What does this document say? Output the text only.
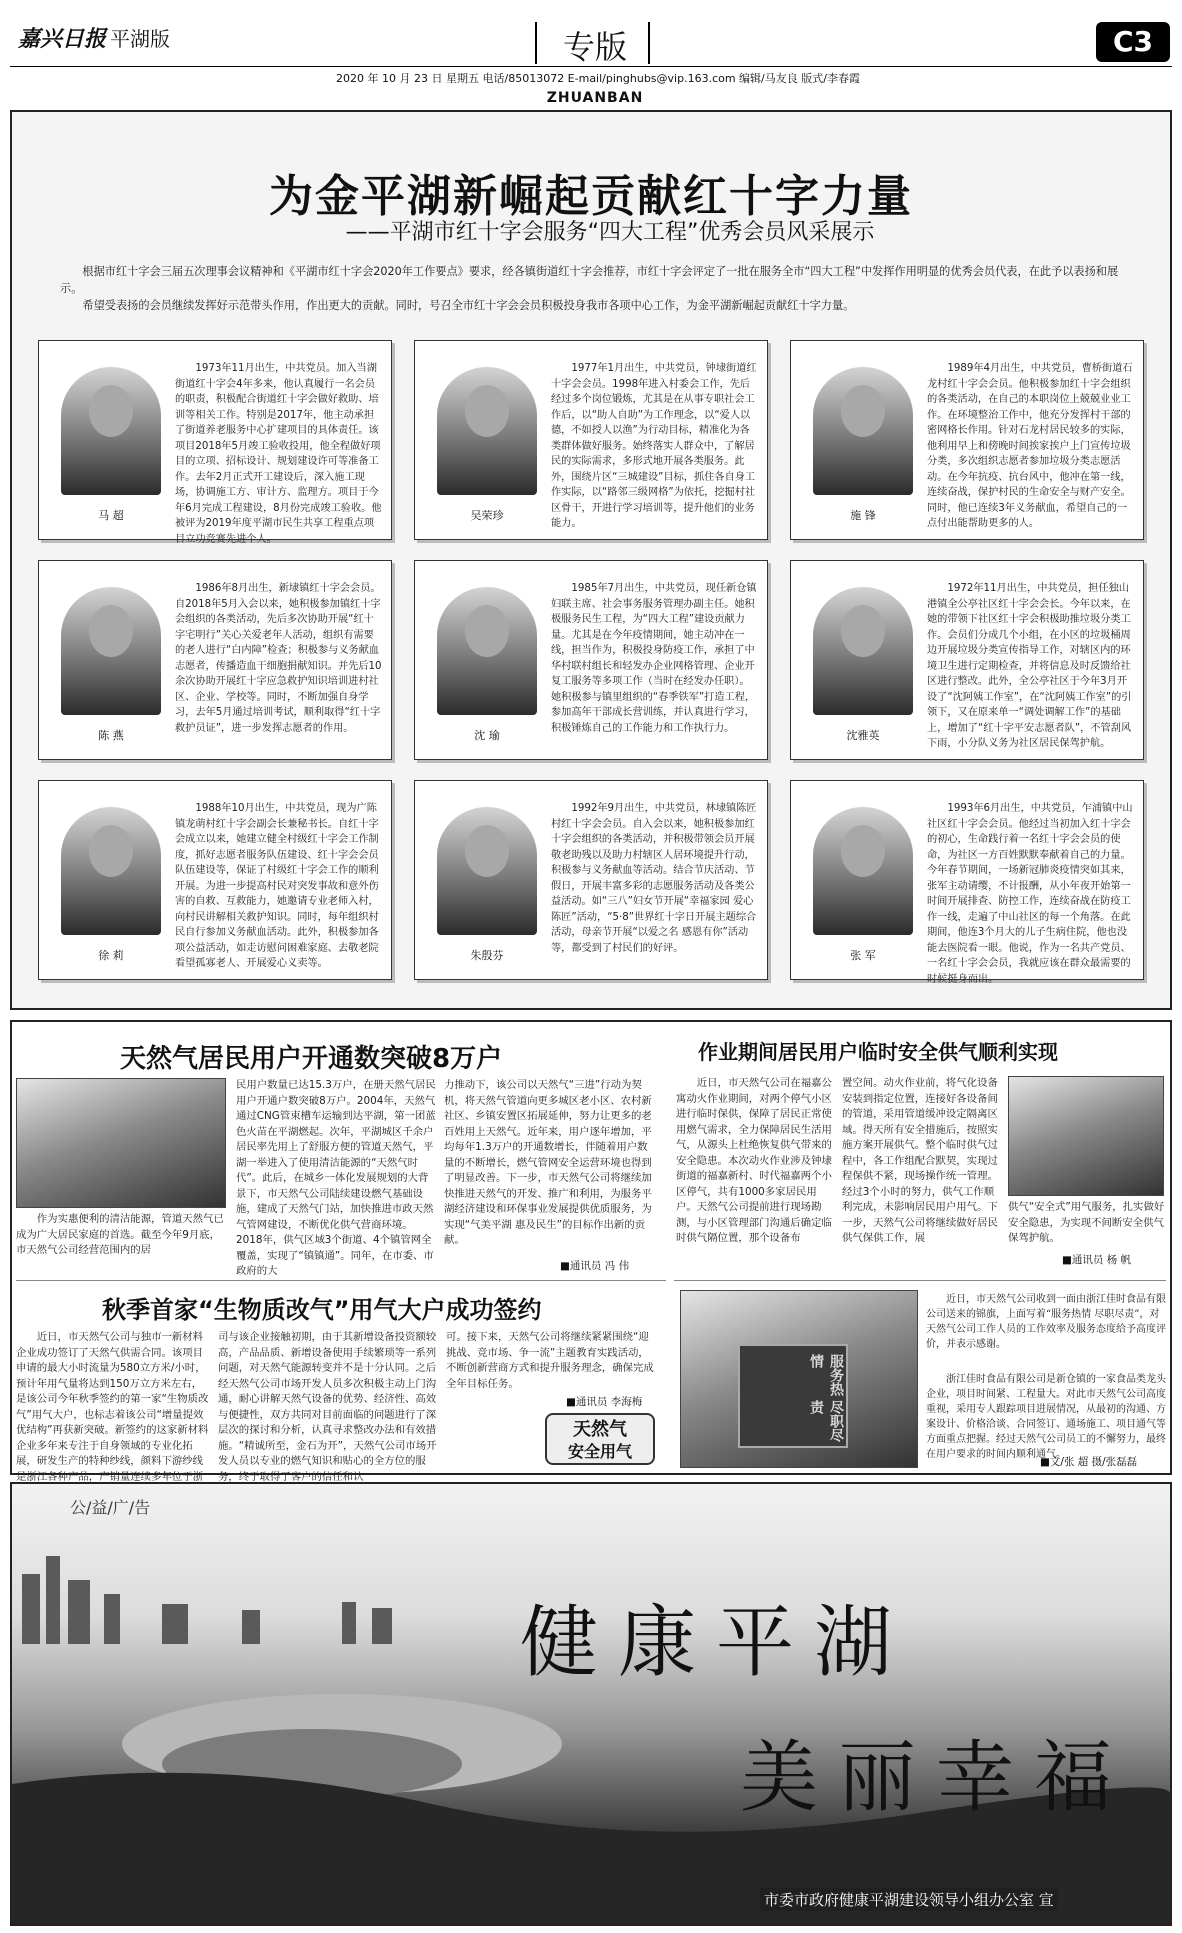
嘉兴日报 平湖版	专版	C3
2020 年 10 月 23 日 星期五 电话/85013072 E-mail/pinghubs@vip.163.com 编辑/马友良 版式/李春霞
ZHUANBAN
为金平湖新崛起贡献红十字力量
——平湖市红十字会服务“四大工程”优秀会员风采展示

根据市红十字会三届五次理事会议精神和《平湖市红十字会2020年工作要点》要求，经各镇街道红十字会推荐，市红十字会评定了一批在服务全市“四大工程”中发挥作用明显的优秀会员代表，在此予以表扬和展示。

希望受表扬的会员继续发挥好示范带头作用，作出更大的贡献。同时，号召全市红十字会会员积极投身我市各项中心工作，为金平湖新崛起贡献红十字力量。

马 超
1973年11月出生，中共党员。加入当湖街道红十字会4年多来，他认真履行一名会员的职责，积极配合街道红十字会做好救助、培训等相关工作。特别是2017年，他主动承担了街道养老服务中心扩建项目的具体责任。该项目2018年5月竣工验收投用，他全程做好项目的立项、招标设计、规划建设许可等准备工作。去年2月正式开工建设后，深入施工现场，协调施工方、审计方、监理方。项目于今年6月完成工程建设，8月份完成竣工验收。他被评为2019年度平湖市民生共享工程重点项目立功竞赛先进个人。
吴荣珍
1977年1月出生，中共党员，钟埭街道红十字会会员。1998年进入村委会工作，先后经过多个岗位锻炼，尤其是在从事专职社会工作后，以“助人自助”为工作理念，以“爱人以德，不如授人以渔”为行动目标，精准化为各类群体做好服务。始终落实人群众中，了解居民的实际需求，多形式地开展各类服务。此外，围绕片区“三城建设”目标，抓住各自身工作实际，以“路邻三级网格”为依托，挖掘村社区骨干，开进行学习培训等，提升他们的业务能力。
施 锋
1989年4月出生，中共党员，曹桥街道石龙村红十字会会员。他积极参加红十字会组织的各类活动，在自己的本职岗位上兢兢业业工作。在环境整治工作中，他充分发挥村干部的密网格长作用。针对石龙村居民较多的实际，他利用早上和傍晚时间挨家挨户上门宣传垃圾分类，多次组织志愿者参加垃圾分类志愿活动。在今年抗疫、抗台风中，他冲在第一线，连续奋战，保护村民的生命安全与财产安全。同时，他已连续3年义务献血，希望自己的一点付出能帮助更多的人。
陈 燕
1986年8月出生，新埭镇红十字会会员。自2018年5月入会以来，她积极参加镇红十字会组织的各类活动，先后多次协助开展“红十字宅明行”关心关爱老年人活动，组织有需要的老人进行“白内障”检查；积极参与义务献血志愿者，传播造血干细胞捐献知识。并先后10余次协助开展红十字应急救护知识培训进村社区、企业、学校等。同时，不断加强自身学习，去年5月通过培训考试，顺利取得“红十字救护员证”，进一步发挥志愿者的作用。
沈 瑜
1985年7月出生，中共党员，现任新仓镇妇联主席、社会事务服务管理办副主任。她积极服务民生工程，为“四大工程”建设贡献力量。尤其是在今年疫情期间，她主动冲在一线，担当作为，积极投身防疫工作，承担了中华村联村组长和轻发办企业网格管理、企业开复工服务等多项工作（当时在经发办任职）。她积极参与镇里组织的“春季铁军”打造工程，参加高年干部成长营训练，并认真进行学习，积极锤炼自己的工作能力和工作执行力。
沈雅英
1972年11月出生，中共党员，担任独山港镇全公亭社区红十字会会长。今年以来，在她的带领下社区红十字会积极助推垃圾分类工作。会员们分成几个小组，在小区的垃圾桶周边开展垃圾分类宣传指导工作，对辖区内的环境卫生进行定期检查，并将信息及时反馈给社区进行整改。此外，全公亭社区于今年3月开设了“沈阿姨工作室”，在“沈阿姨工作室”的引领下，又在原来单一“调处调解工作”的基础上，增加了“红十字平安志愿者队”，不管刮风下雨，小分队义务为社区居民保驾护航。
徐 莉
1988年10月出生，中共党员，现为广陈镇龙萌村红十字会副会长兼秘书长。自红十字会成立以来，她建立健全村级红十字会工作制度，抓好志愿者服务队伍建设、红十字会会员队伍建设等，保证了村级红十字会工作的顺利开展。为进一步提高村民对突发事故和意外伤害的自救、互救能力，她邀请专业老师入村，向村民讲解相关救护知识。同时，每年组织村民自行参加义务献血活动。此外，积极参加各项公益活动，如走访慰问困难家庭、去敬老院看望孤寡老人、开展爱心义卖等。
朱殷芬
1992年9月出生，中共党员，林埭镇陈匠村红十字会会员。自入会以来，她积极参加红十字会组织的各类活动，并积极带领会员开展敬老助残以及助力村辖区人居环境提升行动，积极参与义务献血等活动。结合节庆活动、节假日，开展丰富多彩的志愿服务活动及各类公益活动。如“三八”妇女节开展“幸福家园 爱心陈匠”活动，“5·8”世界红十字日开展主题综合活动，母亲节开展“以爱之名 感恩有你”活动等，都受到了村民们的好评。
张 军
1993年6月出生，中共党员，乍浦镇中山社区红十字会会员。他经过当初加入红十字会的初心，生命践行着一名红十字会会员的使命，为社区一方百姓默默奉献着自己的力量。今年春节期间，一场新冠肺炎疫情突如其来，张军主动请缨，不计报酬，从小年夜开始第一时间开展排查、防控工作，连续奋战在防疫工作一线，走遍了中山社区的每一个角落。在此期间，他连3个月大的儿子生病住院，他也没能去医院看一眼。他说，作为一名共产党员、一名红十字会会员，我就应该在群众最需要的时候挺身而出。
天然气居民用户开通数突破8万户
作为实惠便利的清洁能源，管道天然气已成为广大居民家庭的首选。截至今年9月底，市天然气公司经营范围内的居
民用户数量已达15.3万户，在册天然气居民用户开通户数突破8万户。2004年，天然气通过CNG管束槽车运输到达平湖，第一团蓝色火苗在平湖燃起。次年，平湖城区千余户居民率先用上了舒服方便的管道天然气，平湖一举进入了使用清洁能源的“天然气时代”。此后，在城乡一体化发展规划的大背景下，市天然气公司陆续建设燃气基础设施，建成了天然气门站，加快推进市政天然气管网建设，不断优化供气营商环境。2018年，供气区域3个街道、4个镇管网全覆盖，实现了“镇镇通”。同年，在市委、市政府的大
力推动下，该公司以天然气“三进”行动为契机，将天然气管道向更多城区老小区、农村新社区、乡镇安置区拓展延伸，努力让更多的老百姓用上天然气。近年来，用户逐年增加，平均每年1.3万户的开通数增长，伴随着用户数量的不断增长，燃气管网安全运营环境也得到了明显改善。下一步，市天然气公司将继续加快推进天然气的开发、推广和利用，为服务平湖经济建设和环保事业发展提供优质服务，为实现“气美平湖 惠及民生”的目标作出新的贡献。
■通讯员 冯 伟
作业期间居民用户临时安全供气顺利实现
近日，市天然气公司在福嘉公寓动火作业期间，对两个停气小区进行临时保供，保障了居民正常使用燃气需求，全力保障居民生活用气，从源头上杜绝恢复供气带来的安全隐患。本次动火作业涉及钟埭街道的福嘉新村、时代福嘉两个小区停气，共有1000多家居民用户。天然气公司提前进行现场勘测，与小区管理部门沟通后确定临时供气隔位置，那个设备布
置空间。动火作业前，将气化设备安装到指定位置，连接好各设备间的管道，采用管道缓冲设定隔离区域。得天所有安全措施后，按照实施方案开展供气。整个临时供气过程中，各工作组配合默契，实现过程保供不紧，现场操作统一管理。经过3个小时的努力，供气工作顺利完成，未影响居民用户用气。下一步，天然气公司将继续做好居民供气保供工作，展
供气“安全式”用气服务，扎实做好安全隐患，为实现不间断安全供气保驾护航。
■通讯员 杨 帆
秋季首家“生物质改气”用气大户成功签约
近日，市天然气公司与独市一新材料企业成功签订了天然气供需合同。该项目申请的最大小时流量为580立方米/小时，预计年用气量将达到150万立方米左右，是该公司今年秋季签约的第一家“生物质改气”用气大户，也标志着该公司“增量提效优结构”再获新突破。新签约的这家新材料企业多年来专注于自身领域的专业化拓展，研发生产的特种纱线，颜料下游纱线是浙江各种产品，产销量连续多年位于浙
司与该企业接触初期，由于其新增设备投资额较高，产品品质、新增设备使用手续繁琐等一系列问题，对天然气能源转变并不是十分认同。之后经天然气公司市场开发人员多次积极主动上门沟通，耐心讲解天然气设备的优势、经济性、高效与便捷性，双方共同对目前面临的问题进行了深层次的探讨和分析，认真寻求整改办法和有效措施。“精诚所至，金石为开”，天然气公司市场开发人员以专业的燃气知识和贴心的全方位的服务，终于取得了客户的信任和认
可。接下来，天然气公司将继续紧紧围绕“迎挑战、竞市场、争一流”主题教育实践活动，不断创新营商方式和提升服务理念，确保完成全年目标任务。
■通讯员 李海梅
天然气
安全用气
服务热情
尽职尽责
近日，市天然气公司收到一面由浙江佳时食品有限公司送来的锦旗，上面写着“服务热情 尽职尽责”，对天然气公司工作人员的工作效率及服务态度给予高度评价，并表示感谢。
浙江佳时食品有限公司是新仓镇的一家食品类龙头企业，项目时间紧、工程量大。对此市天然气公司高度重视，采用专人跟踪项目进展情况，从最初的沟通、方案设计、价格洽谈、合同签订、通场施工、项目通气等方面重点把握。经过天然气公司员工的不懈努力，最终在用户要求的时间内顺利通气。
■文/张 超 摄/张磊磊
公/益/广/告
健康平湖
美丽幸福
市委市政府健康平湖建设领导小组办公室 宣
